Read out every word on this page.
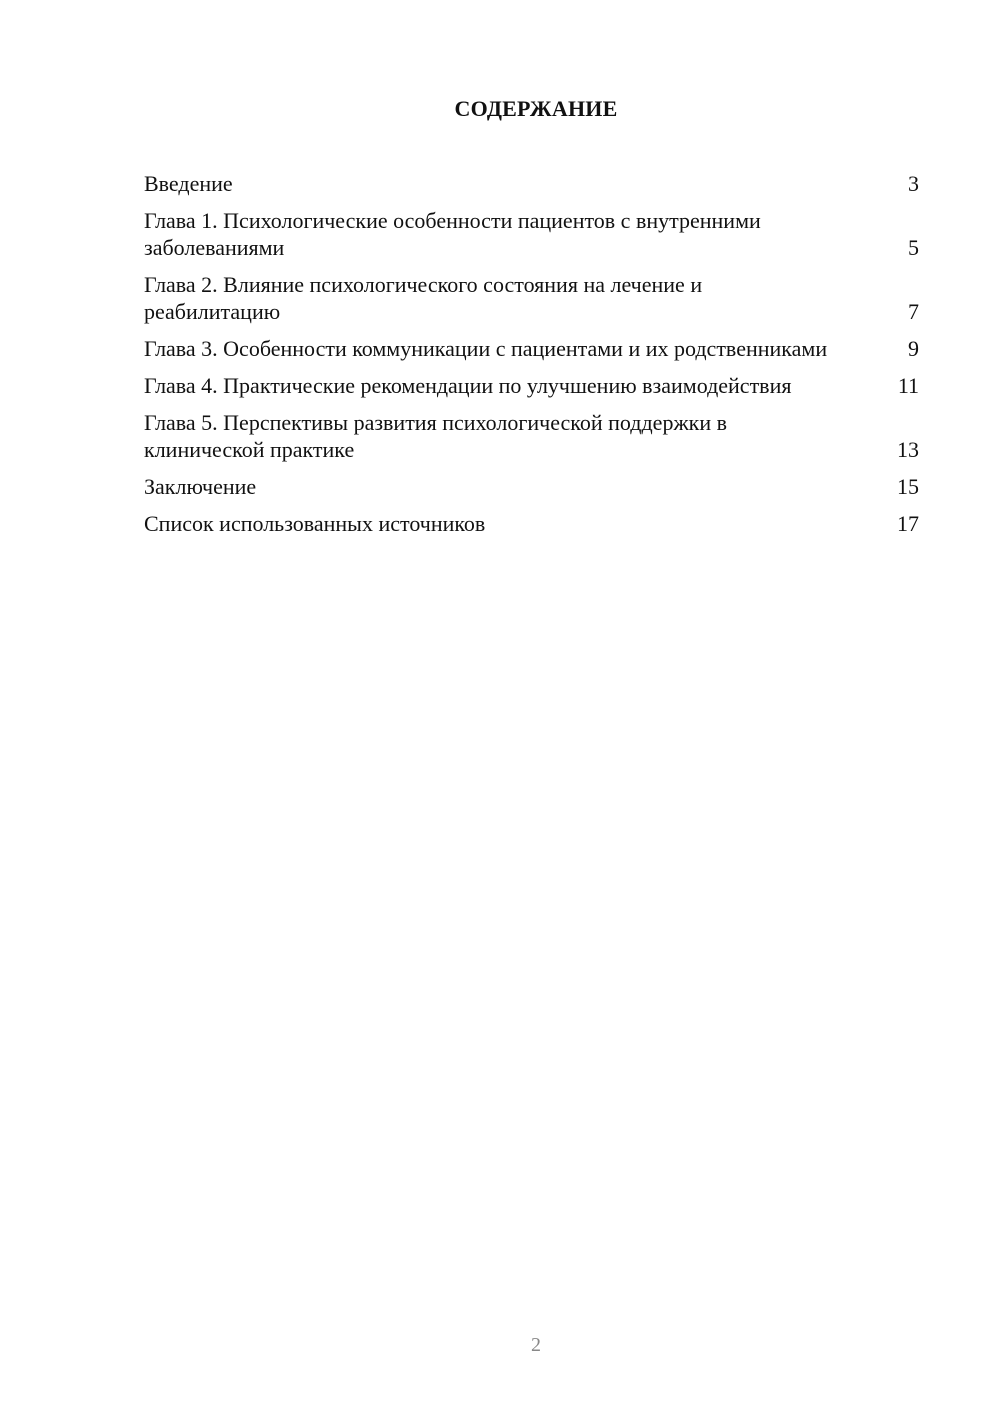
СОДЕРЖАНИЕ
Введение	3
Глава 1. Психологические особенности пациентов с внутренними заболеваниями	5
Глава 2. Влияние психологического состояния на лечение и реабилитацию	7
Глава 3. Особенности коммуникации с пациентами и их родственниками	9
Глава 4. Практические рекомендации по улучшению взаимодействия	11
Глава 5. Перспективы развития психологической поддержки в клинической практике	13
Заключение	15
Список использованных источников	17
2
